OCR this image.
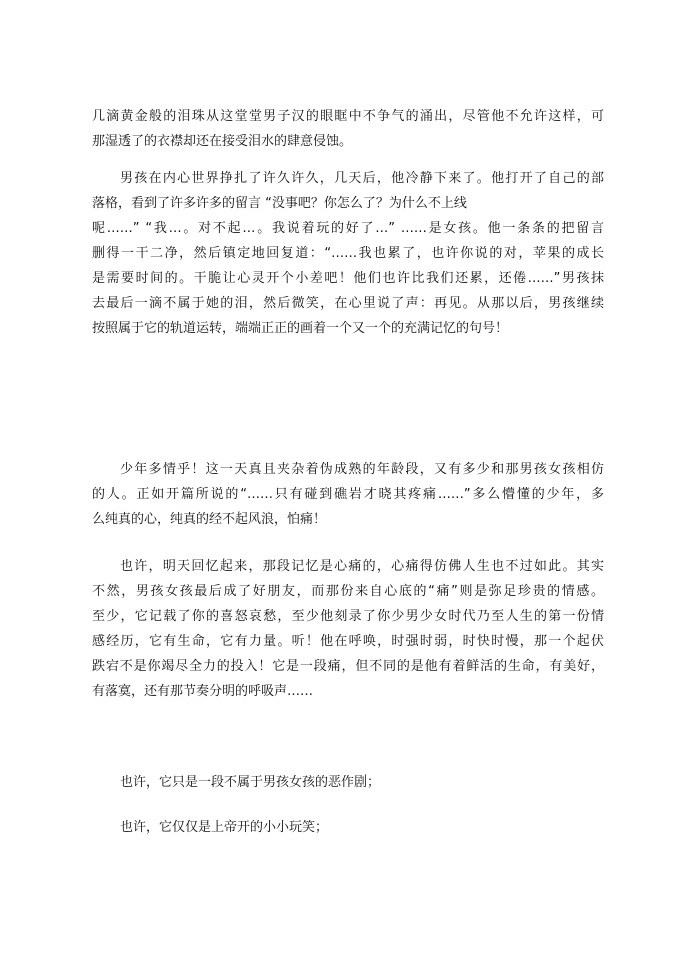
几滴黄金般的泪珠从这堂堂男子汉的眼眶中不争气的涌出，尽管他不允许这样，可
那湿透了的衣襟却还在接受泪水的肆意侵蚀。
男孩在内心世界挣扎了许久许久，几天后，他冷静下来了。他打开了自己的部
落格，看到了许多许多的留言 “没事吧？你怎么了？为什么不上线
呢……” “我…。对不起…。我说着玩的好了…” ……是女孩。他一条条的把留言
删得一干二净，然后镇定地回复道：“……我也累了，也许你说的对，苹果的成长
是需要时间的。干脆让心灵开个小差吧！他们也许比我们还累，还倦……”男孩抹
去最后一滴不属于她的泪，然后微笑，在心里说了声：再见。从那以后，男孩继续
按照属于它的轨道运转，端端正正的画着一个又一个的充满记忆的句号！
少年多情乎！这一天真且夹杂着伪成熟的年龄段，又有多少和那男孩女孩相仿
的人。正如开篇所说的“……只有碰到礁岩才晓其疼痛……”多么懵懂的少年，多
么纯真的心，纯真的经不起风浪，怕痛！
也许，明天回忆起来，那段记忆是心痛的，心痛得仿佛人生也不过如此。其实
不然，男孩女孩最后成了好朋友，而那份来自心底的“痛”则是弥足珍贵的情感。
至少，它记载了你的喜怒哀愁，至少他刻录了你少男少女时代乃至人生的第一份情
感经历，它有生命，它有力量。听！他在呼唤，时强时弱，时快时慢，那一个起伏
跌宕不是你竭尽全力的投入！它是一段痛，但不同的是他有着鲜活的生命，有美好，
有落寞，还有那节奏分明的呼吸声……
也许，它只是一段不属于男孩女孩的恶作剧；
也许，它仅仅是上帝开的小小玩笑；
